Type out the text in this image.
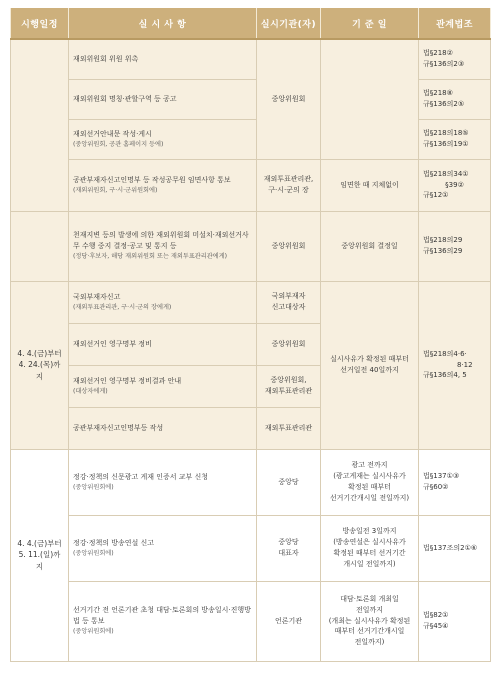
시행일정	실 시 사 항	실시기관(자)	기 준 일	관계법조

	재외위원회 위원 위촉	중앙위원회		법§218②
규§136의2③

	재외위원회 명칭·관할구역 등 공고			법§218⑧
규§136의2⑤

	재외선거안내문 작성·게시
(중앙위원회, 공관 홈페이지 등에)			법§218의18⑤
규§136의19①

	공관부재자신고인명부 등 작성공무원 임면사항 통보
(재외위원회, 구·시·군위원회에)	재외투표관리관, 구·시·군의 장	임면한 때 지체없이	법§218의34①
§39②
규§12①

	천재지변 등의 발생에 의한 재외위원회 미설치·재외선거사무 수행 중지 결정·공고 및 통지 등
(정당·후보자, 해당 재외위원회 또는 재외투표관리관에게)	중앙위원회	중앙위원회 결정일	법§218의29
규§136의29

4. 4.(금)부터
4. 24.(목)까지	국외부재자신고
(재외투표관리관, 구·시·군의 장에게)	국외부재자
신고대상자	실시사유가 확정된 때부터
선거일전 40일까지	법§218의4·6·
8·12
규§136의4, 5

	재외선거인 영구명부 정비	중앙위원회		

	재외선거인 영구명부 정비결과 안내
(대상자에게)	중앙위원회,
재외투표관리관		

	공관부재자신고인명부등 작성	재외투표관리관		

4. 4.(금)부터
5. 11.(일)까지	정강·정책의 신문광고 게재 인증서 교부 신청
(중앙위원회에)	중앙당	광고 전까지
(광고게재는 실시사유가
확정된 때부터
선거기간개시일 전일까지)	법§137①③
규§60②

	정강·정책의 방송연설 신고
(중앙위원회에)	중앙당
대표자	방송일전 3일까지
(방송연설은 실시사유가
확정된 때부터 선거기간
개시일 전일까지)	법§137조의2①⑥

	선거기간 전 언론기관 초청 대담·토론회의 방송일시·진행방법 등 통보
(중앙위원회에)	언론기관	대담·토론회 개최일
전일까지
(개최는 실시사유가 확정된
때부터 선거기간개시일
전일까지)	법§82①
규§45④
